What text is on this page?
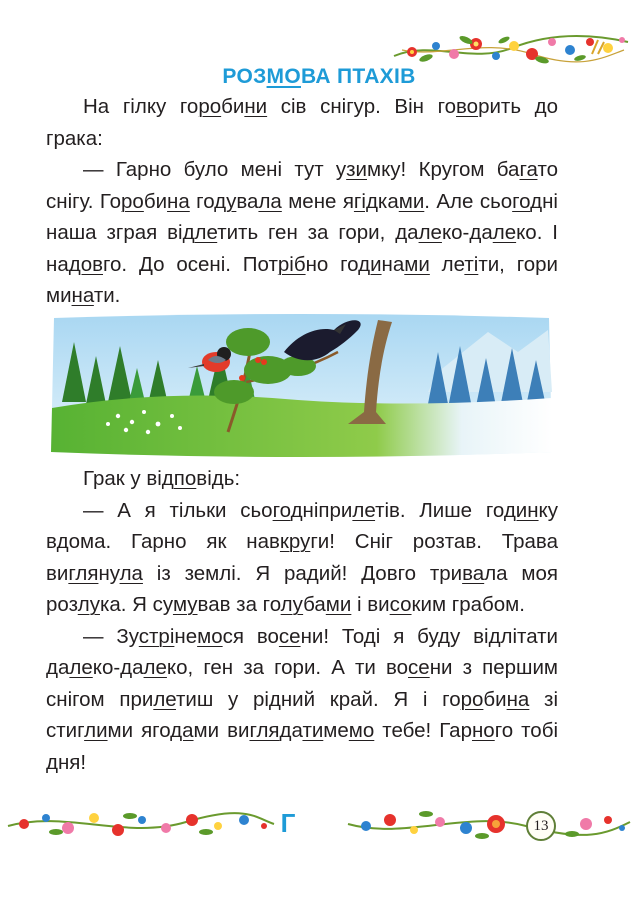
РОЗМОВА ПТАХІВ

На гілку горобини сів снігур. Він говорить до грака:

— Гарно було мені тут узимку! Кругом багато снігу. Горобина годувала мене ягідками. Але сьогодні наша зграя відлетить ген за гори, далеко-далеко. І надовго. До осені. Потрібно годинами летіти, гори минати.

Грак у відповідь:

— А я тільки сьогодніприлетів. Лише годинку вдома. Гарно як навкруги! Сніг розтав. Трава виглянула із землі. Я радий! Довго тривала моя розлука. Я сумував за голубами і високим грабом.

— Зустрінемося восени! Тоді я буду відлітати далеко-далеко, ген за гори. А ти восени з першим снігом прилетиш у рідний край. Я і горобина зі стиглими ягодами виглядатимемо тебе! Гарного тобі дня!

Г	13
